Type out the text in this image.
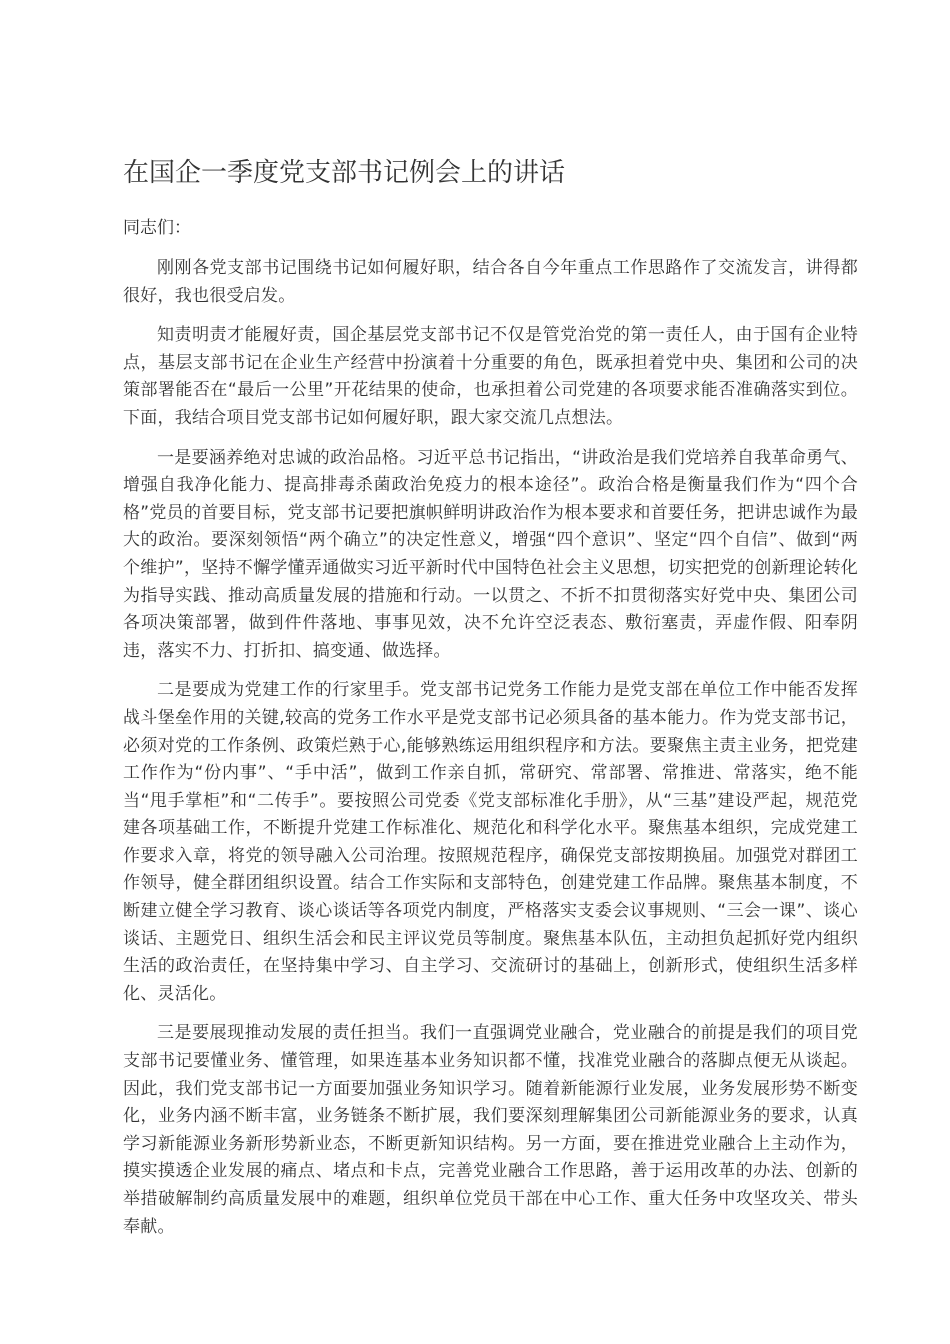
在国企一季度党支部书记例会上的讲话

同志们：

刚刚各党支部书记围绕书记如何履好职，结合各自今年重点工作思路作了交流发言，讲得都很好，我也很受启发。

知责明责才能履好责，国企基层党支部书记不仅是管党治党的第一责任人，由于国有企业特点，基层支部书记在企业生产经营中扮演着十分重要的角色，既承担着党中央、集团和公司的决策部署能否在“最后一公里”开花结果的使命，也承担着公司党建的各项要求能否准确落实到位。下面，我结合项目党支部书记如何履好职，跟大家交流几点想法。

一是要涵养绝对忠诚的政治品格。习近平总书记指出，“讲政治是我们党培养自我革命勇气、增强自我净化能力、提高排毒杀菌政治免疫力的根本途径”。政治合格是衡量我们作为“四个合格”党员的首要目标，党支部书记要把旗帜鲜明讲政治作为根本要求和首要任务，把讲忠诚作为最大的政治。要深刻领悟“两个确立”的决定性意义，增强“四个意识”、坚定“四个自信”、做到“两个维护”，坚持不懈学懂弄通做实习近平新时代中国特色社会主义思想，切实把党的创新理论转化为指导实践、推动高质量发展的措施和行动。一以贯之、不折不扣贯彻落实好党中央、集团公司各项决策部署，做到件件落地、事事见效，决不允许空泛表态、敷衍塞责，弄虚作假、阳奉阴违，落实不力、打折扣、搞变通、做选择。

二是要成为党建工作的行家里手。党支部书记党务工作能力是党支部在单位工作中能否发挥战斗堡垒作用的关键,较高的党务工作水平是党支部书记必须具备的基本能力。作为党支部书记，必须对党的工作条例、政策烂熟于心,能够熟练运用组织程序和方法。要聚焦主责主业务，把党建工作作为“份内事”、“手中活”，做到工作亲自抓，常研究、常部署、常推进、常落实，绝不能当“甩手掌柜”和“二传手”。要按照公司党委《党支部标准化手册》，从“三基”建设严起，规范党建各项基础工作，不断提升党建工作标准化、规范化和科学化水平。聚焦基本组织，完成党建工作要求入章，将党的领导融入公司治理。按照规范程序，确保党支部按期换届。加强党对群团工作领导，健全群团组织设置。结合工作实际和支部特色，创建党建工作品牌。聚焦基本制度，不断建立健全学习教育、谈心谈话等各项党内制度，严格落实支委会议事规则、“三会一课”、谈心谈话、主题党日、组织生活会和民主评议党员等制度。聚焦基本队伍，主动担负起抓好党内组织生活的政治责任，在坚持集中学习、自主学习、交流研讨的基础上，创新形式，使组织生活多样化、灵活化。

三是要展现推动发展的责任担当。我们一直强调党业融合，党业融合的前提是我们的项目党支部书记要懂业务、懂管理，如果连基本业务知识都不懂，找准党业融合的落脚点便无从谈起。因此，我们党支部书记一方面要加强业务知识学习。随着新能源行业发展，业务发展形势不断变化，业务内涵不断丰富，业务链条不断扩展，我们要深刻理解集团公司新能源业务的要求，认真学习新能源业务新形势新业态，不断更新知识结构。另一方面，要在推进党业融合上主动作为，摸实摸透企业发展的痛点、堵点和卡点，完善党业融合工作思路，善于运用改革的办法、创新的举措破解制约高质量发展中的难题，组织单位党员干部在中心工作、重大任务中攻坚攻关、带头奉献。
